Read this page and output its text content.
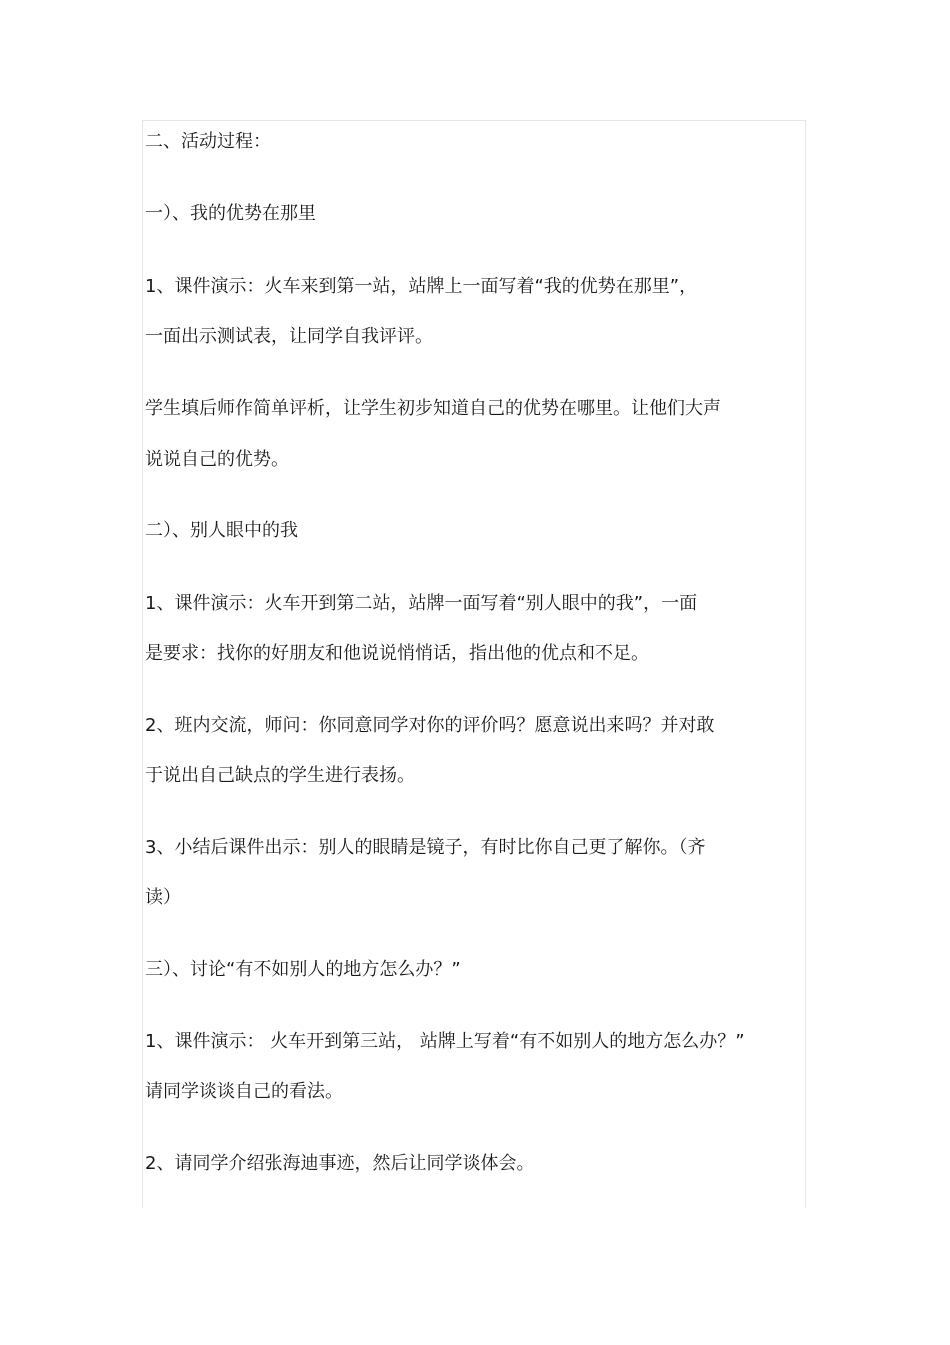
二、活动过程：
一）、我的优势在那里
1、课件演示：火车来到第一站，站牌上一面写着“我的优势在那里”，
一面出示测试表，让同学自我评评。
学生填后师作简单评析，让学生初步知道自己的优势在哪里。让他们大声
说说自己的优势。
二）、别人眼中的我
1、课件演示：火车开到第二站，站牌一面写着“别人眼中的我”，一面
是要求：找你的好朋友和他说说悄悄话，指出他的优点和不足。
2、班内交流，师问：你同意同学对你的评价吗？愿意说出来吗？并对敢
于说出自己缺点的学生进行表扬。
3、小结后课件出示：别人的眼睛是镜子，有时比你自己更了解你。（齐
读）
三）、讨论“有不如别人的地方怎么办？”
1、课件演示： 火车开到第三站， 站牌上写着“有不如别人的地方怎么办？”
请同学谈谈自己的看法。
2、请同学介绍张海迪事迹，然后让同学谈体会。
